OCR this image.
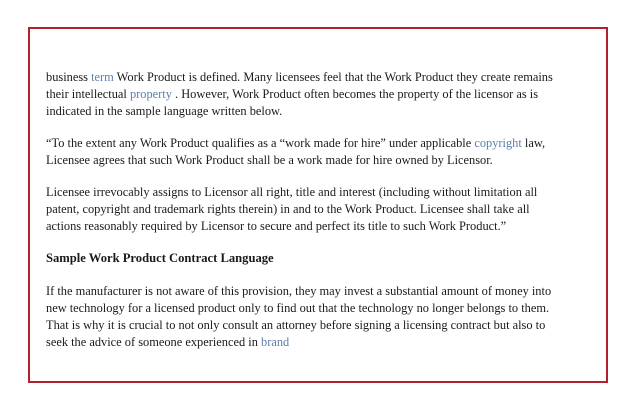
business term Work Product is defined. Many licensees feel that the Work Product they create remains their intellectual property . However, Work Product often becomes the property of the licensor as is indicated in the sample language written below.

“To the extent any Work Product qualifies as a “work made for hire” under applicable copyright law, Licensee agrees that such Work Product shall be a work made for hire owned by Licensor.

Licensee irrevocably assigns to Licensor all right, title and interest (including without limitation all patent, copyright and trademark rights therein) in and to the Work Product. Licensee shall take all actions reasonably required by Licensor to secure and perfect its title to such Work Product.”

Sample Work Product Contract Language

If the manufacturer is not aware of this provision, they may invest a substantial amount of money into new technology for a licensed product only to find out that the technology no longer belongs to them. That is why it is crucial to not only consult an attorney before signing a licensing contract but also to seek the advice of someone experienced in brand
